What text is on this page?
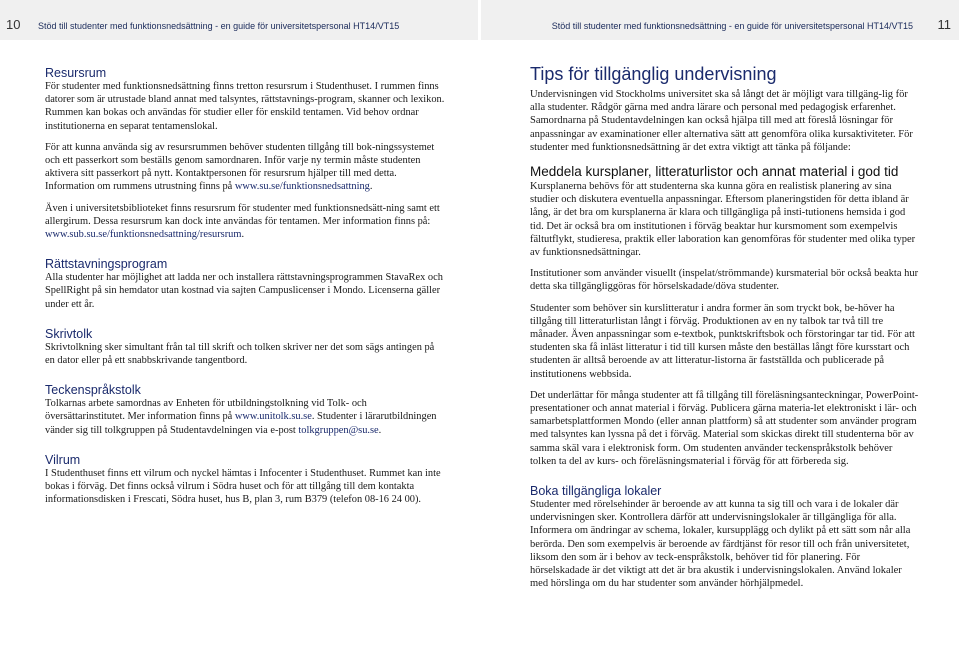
10 Stöd till studenter med funktionsnedsättning - en guide för universitetspersonal HT14/VT15
Resursrum

För studenter med funktionsnedsättning finns tretton resursrum i Studenthuset. I rummen finns datorer som är utrustade bland annat med talsyntes, rättstavnings-program, skanner och lexikon. Rummen kan bokas och användas för studier eller för enskild tentamen. Vid behov ordnar institutionerna en separat tentamenslokal.

För att kunna använda sig av resursrummen behöver studenten tillgång till bok-ningssystemet och ett passerkort som beställs genom samordnaren. Inför varje ny termin måste studenten aktivera sitt passerkort på nytt. Kontaktpersonen för resursrum hjälper till med detta. Information om rummens utrustning finns på www.su.se/funktionsnedsattning.

Även i universitetsbiblioteket finns resursrum för studenter med funktionsnedsätt-ning samt ett allergirum. Dessa resursrum kan dock inte användas för tentamen. Mer information finns på: www.sub.su.se/funktionsnedsattning/resursrum.

Rättstavningsprogram

Alla studenter har möjlighet att ladda ner och installera rättstavningsprogrammen StavaRex och SpellRight på sin hemdator utan kostnad via sajten Campuslicenser i Mondo. Licenserna gäller under ett år.

Skrivtolk

Skrivtolkning sker simultant från tal till skrift och tolken skriver ner det som sägs antingen på en dator eller på ett snabbskrivande tangentbord.

Teckenspråkstolk

Tolkarnas arbete samordnas av Enheten för utbildningstolkning vid Tolk- och översättarinstitutet. Mer information finns på www.unitolk.su.se. Studenter i lärarutbildningen vänder sig till tolkgruppen på Studentavdelningen via e-post tolkgruppen@su.se.

Vilrum

I Studenthuset finns ett vilrum och nyckel hämtas i Infocenter i Studenthuset. Rummet kan inte bokas i förväg. Det finns också vilrum i Södra huset och för att tillgång till dem kontakta informationsdisken i Frescati, Södra huset, hus B, plan 3, rum B379 (telefon 08-16 24 00).

Stöd till studenter med funktionsnedsättning - en guide för universitetspersonal HT14/VT15 11
Tips för tillgänglig undervisning

Undervisningen vid Stockholms universitet ska så långt det är möjligt vara tillgäng-lig för alla studenter. Rådgör gärna med andra lärare och personal med pedagogisk erfarenhet. Samordnarna på Studentavdelningen kan också hjälpa till med att föreslå lösningar för anpassningar av examinationer eller alternativa sätt att genomföra olika kursaktiviteter. För studenter med funktionsnedsättning är det extra viktigt att tänka på följande:

Meddela kursplaner, litteraturlistor och annat material i god tid

Kursplanerna behövs för att studenterna ska kunna göra en realistisk planering av sina studier och diskutera eventuella anpassningar. Eftersom planeringstiden för detta ibland är lång, är det bra om kursplanerna är klara och tillgängliga på insti-tutionens hemsida i god tid. Det är också bra om institutionen i förväg beaktar hur kursmoment som exempelvis fältutflykt, studieresa, praktik eller laboration kan genomföras för studenter med olika typer av funktionsnedsättningar.

Institutioner som använder visuellt (inspelat/strömmande) kursmaterial bör också beakta hur detta ska tillgängliggöras för hörselskadade/döva studenter.

Studenter som behöver sin kurslitteratur i andra former än som tryckt bok, be-höver ha tillgång till litteraturlistan långt i förväg. Produktionen av en ny talbok tar två till tre månader. Även anpassningar som e-textbok, punktskriftsbok och förstoringar tar tid. För att studenten ska få inläst litteratur i tid till kursen måste den beställas långt före kursstart och studenten är alltså beroende av att litteratur-listorna är fastställda och publicerade på institutionens webbsida.

Det underlättar för många studenter att få tillgång till föreläsningsanteckningar, PowerPoint-presentationer och annat material i förväg. Publicera gärna materia-let elektroniskt i lär- och samarbetsplattformen Mondo (eller annan plattform) så att studenter som använder program med talsyntes kan lyssna på det i förväg. Material som skickas direkt till studenterna bör av samma skäl vara i elektronisk form. Om studenten använder teckenspråkstolk behöver tolken ta del av kurs- och föreläsningsmaterial i förväg för att förbereda sig.

Boka tillgängliga lokaler

Studenter med rörelsehinder är beroende av att kunna ta sig till och vara i de lokaler där undervisningen sker. Kontrollera därför att undervisningslokaler är tillgängliga för alla. Informera om ändringar av schema, lokaler, kursupplägg och dylikt på ett sätt som når alla berörda. Den som exempelvis är beroende av färdtjänst för resor till och från universitetet, liksom den som är i behov av teck-enspråkstolk, behöver tid för planering. För hörselskadade är det viktigt att det är bra akustik i undervisningslokalen. Använd lokaler med hörslinga om du har studenter som använder hörhjälpmedel.
